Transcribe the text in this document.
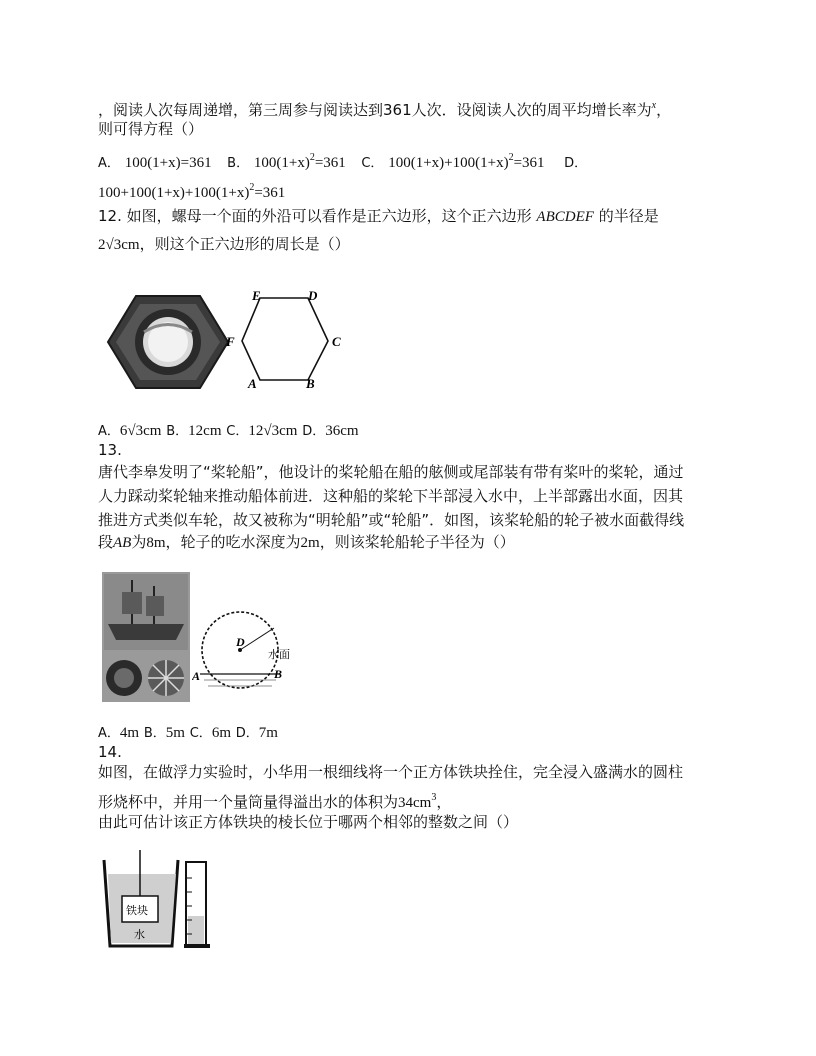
，阅读人次每周递增，第三周参与阅读达到361人次．设阅读人次的周平均增长率为$^x$，
则可得方程（）
A． 100(1+x)=361 B． $100(1+x)^2=361$ C． $100(1+x)+100(1+x)^2=361$ D．
$100+100(1+x)+100(1+x)^2=361$
12. 如图，螺母一个面的外沿可以看作是正六边形，这个正六边形 ABCDEF 的半径是
2√3cm，则这个正六边形的周长是（）
A	B
C
D
E
F
A．6√3cm B．12cm C．12√3cm D．36cm
13.
唐代李皋发明了“桨轮船”，他设计的桨轮船在船的舷侧或尾部装有带有桨叶的桨轮，通过
人力踩动桨轮轴来推动船体前进．这种船的桨轮下半部浸入水中，上半部露出水面，因其
推进方式类似车轮，故又被称为“明轮船”或“轮船”．如图，该桨轮船的轮子被水面截得线
段AB为8m，轮子的吃水深度为2m，则该桨轮船轮子半径为（）
D
水面
A	B
A．4m B．5m C．6m D．7m
14.
如图，在做浮力实验时，小华用一根细线将一个正方体铁块拴住，完全浸入盛满水的圆柱
形烧杯中，并用一个量筒量得溢出水的体积为$34cm^3$，
由此可估计该正方体铁块的棱长位于哪两个相邻的整数之间（）
铁块
水
